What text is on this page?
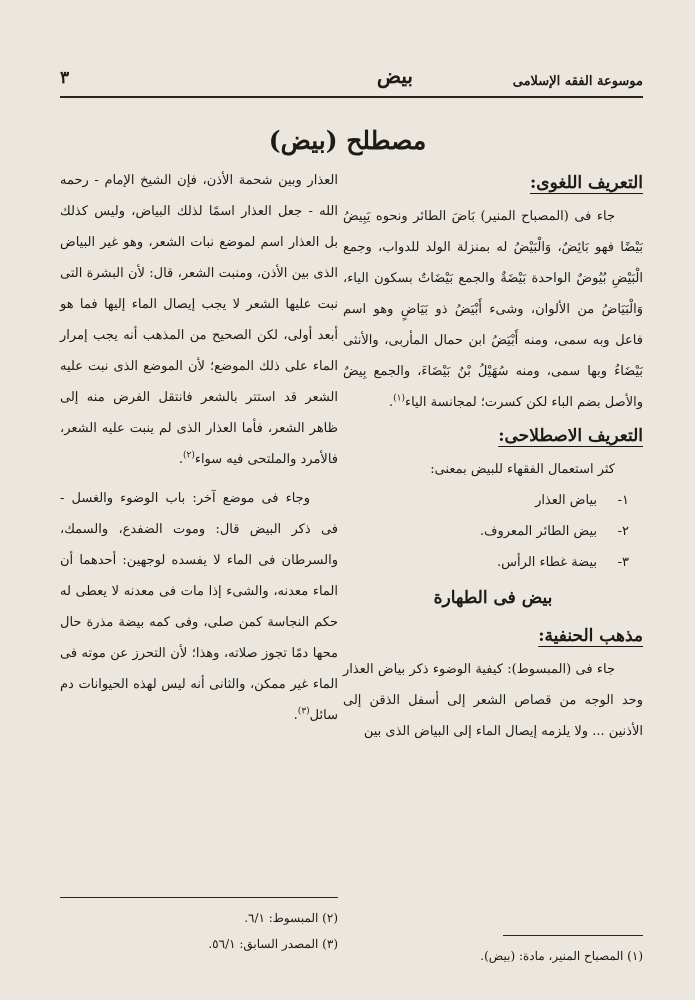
موسوعة الفقه الإسلامى
بيض
٣
مصطلح (بيض)
التعريف اللغوى:

جاء فى (المصباح المنير) بَاضَ الطائر ونحوه يَبِيضُ بَيْضًا فهو بَائِضٌ، وَالْبَيْضُ له بمنزلة الولد للدواب، وجمع الْبَيْضِ بُيُوضٌ الواحدة بَيْضَةٌ والجمع بَيْضَاتٌ بسكون الياء، وَالْبَيَاضُ من الألوان، وشىء أَبْيَضُ ذو بَيَاضٍ وهو اسم فاعل وبه سمى، ومنه أَبْيَضُ ابن حمال المأربى، والأنثى بَيْضَاءُ وبها سمى، ومنه سُهَيْلُ بْنُ بَيْضَاءَ، والجمع بِيضٌ والأصل بضم الباء لكن كسرت؛ لمجانسة الياء$^{(١)}$.

التعريف الاصطلاحى:

كثر استعمال الفقهاء للبيض بمعنى:

١-بياض العذار

٢-بيض الطائر المعروف.

٣-بيضة غطاء الرأس.

بيض فى الطهارة
مذهب الحنفية:

جاء فى (المبسوط): كيفية الوضوء ذكر بياض العذار وحد الوجه من قصاص الشعر إلى أسفل الذقن إلى الأذنين ... ولا يلزمه إيصال الماء إلى البياض الذى بين

(١) المصباح المنير، مادة: (بيض).

العذار وبين شحمة الأذن، فإن الشيخ الإمام - رحمه الله - جعل العذار اسمًا لذلك البياض، وليس كذلك بل العذار اسم لموضع نبات الشعر، وهو غير البياض الذى بين الأذن، ومنبت الشعر، قال: لأن البشرة التى نبت عليها الشعر لا يجب إيصال الماء إليها فما هو أبعد أولى، لكن الصحيح من المذهب أنه يجب إمرار الماء على ذلك الموضع؛ لأن الموضع الذى نبت عليه الشعر قد استتر بالشعر فانتقل الفرض منه إلى ظاهر الشعر، فأما العذار الذى لم ينبت عليه الشعر، فالأمرد والملتحى فيه سواء$^{(٢)}$.

وجاء فى موضع آخر: باب الوضوء والغسل - فى ذكر البيض قال: وموت الضفدع، والسمك، والسرطان فى الماء لا يفسده لوجهين: أحدهما أن الماء معدنه، والشىء إذا مات فى معدنه لا يعطى له حكم النجاسة كمن صلى، وفى كمه بيضة مذرة حال محها دمًا تجوز صلاته، وهذا؛ لأن التحرز عن موته فى الماء غير ممكن، والثانى أنه ليس لهذه الحيوانات دم سائل$^{(٣)}$.

(٢) المبسوط: ٦/١.
(٣) المصدر السابق: ٥٦/١.
